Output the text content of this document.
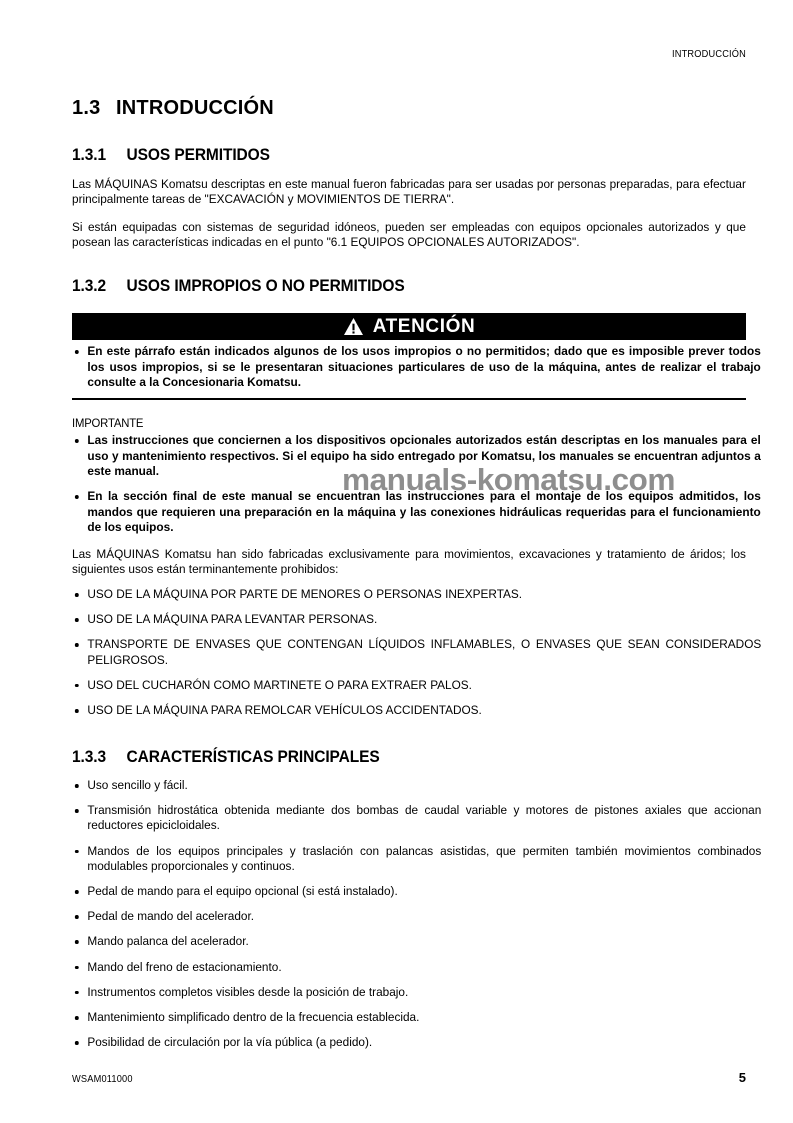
INTRODUCCIÓN
1.3 INTRODUCCIÓN
1.3.1 USOS PERMITIDOS

Las MÁQUINAS Komatsu descriptas en este manual fueron fabricadas para ser usadas por personas preparadas, para efectuar principalmente tareas de "EXCAVACIÓN y MOVIMIENTOS DE TIERRA".

Si están equipadas con sistemas de seguridad idóneos, pueden ser empleadas con equipos opcionales autorizados y que posean las características indicadas en el punto "6.1 EQUIPOS OPCIONALES AUTORIZADOS".

1.3.2 USOS IMPROPIOS O NO PERMITIDOS
ATENCIÓN
En este párrafo están indicados algunos de los usos impropios o no permitidos; dado que es imposible prever todos los usos impropios, si se le presentaran situaciones particulares de uso de la máquina, antes de realizar el trabajo consulte a la Concesionaria Komatsu.
IMPORTANTE
Las instrucciones que conciernen a los dispositivos opcionales autorizados están descriptas en los manuales para el uso y mantenimiento respectivos. Si el equipo ha sido entregado por Komatsu, los manuales se encuentran adjuntos a este manual.
En la sección final de este manual se encuentran las instrucciones para el montaje de los equipos admitidos, los mandos que requieren una preparación en la máquina y las conexiones hidráulicas requeridas para el funcionamiento de los equipos.

Las MÁQUINAS Komatsu han sido fabricadas exclusivamente para movimientos, excavaciones y tratamiento de áridos; los siguientes usos están terminantemente prohibidos:

USO DE LA MÁQUINA POR PARTE DE MENORES O PERSONAS INEXPERTAS.
USO DE LA MÁQUINA PARA LEVANTAR PERSONAS.
TRANSPORTE DE ENVASES QUE CONTENGAN LÍQUIDOS INFLAMABLES, O ENVASES QUE SEAN CONSIDERADOS PELIGROSOS.
USO DEL CUCHARÓN COMO MARTINETE O PARA EXTRAER PALOS.
USO DE LA MÁQUINA PARA REMOLCAR VEHÍCULOS ACCIDENTADOS.
1.3.3 CARACTERÍSTICAS PRINCIPALES
Uso sencillo y fácil.
Transmisión hidrostática obtenida mediante dos bombas de caudal variable y motores de pistones axiales que accionan reductores epicicloidales.
Mandos de los equipos principales y traslación con palancas asistidas, que permiten también movimientos combinados modulables proporcionales y continuos.
Pedal de mando para el equipo opcional (si está instalado).
Pedal de mando del acelerador.
Mando palanca del acelerador.
Mando del freno de estacionamiento.
Instrumentos completos visibles desde la posición de trabajo.
Mantenimiento simplificado dentro de la frecuencia establecida.
Posibilidad de circulación por la vía pública (a pedido).
manuals-komatsu.com
WSAM011000	5
